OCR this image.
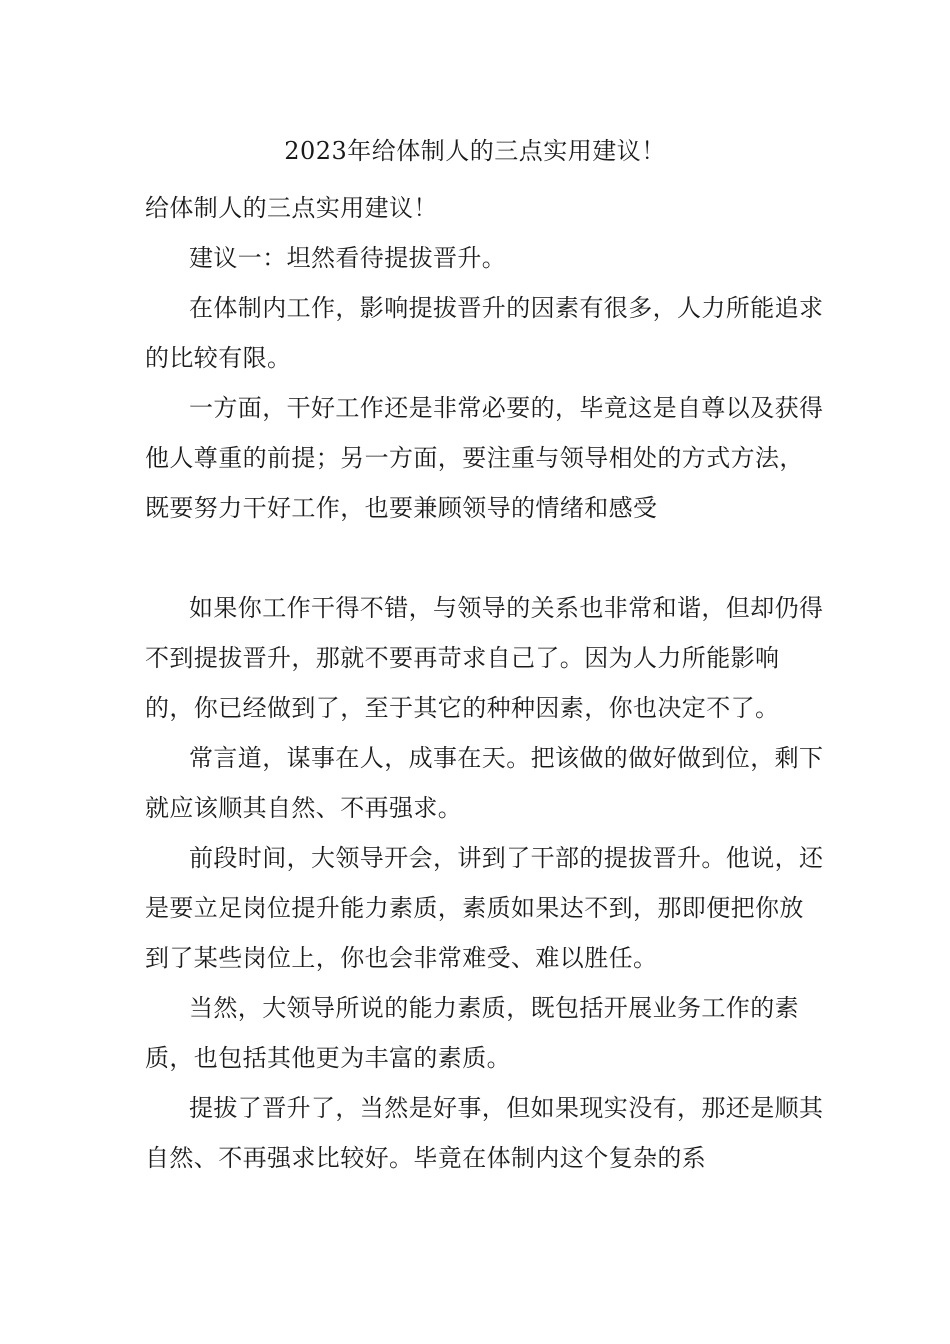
2023年给体制人的三点实用建议！

给体制人的三点实用建议！

建议一：坦然看待提拔晋升。

在体制内工作，影响提拔晋升的因素有很多，人力所能追求的比较有限。

一方面，干好工作还是非常必要的，毕竟这是自尊以及获得他人尊重的前提；另一方面，要注重与领导相处的方式方法，既要努力干好工作，也要兼顾领导的情绪和感受

如果你工作干得不错，与领导的关系也非常和谐，但却仍得不到提拔晋升，那就不要再苛求自己了。因为人力所能影响的，你已经做到了，至于其它的种种因素，你也决定不了。

常言道，谋事在人，成事在天。把该做的做好做到位，剩下就应该顺其自然、不再强求。

前段时间，大领导开会，讲到了干部的提拔晋升。他说，还是要立足岗位提升能力素质，素质如果达不到，那即便把你放到了某些岗位上，你也会非常难受、难以胜任。

当然，大领导所说的能力素质，既包括开展业务工作的素质，也包括其他更为丰富的素质。

提拔了晋升了，当然是好事，但如果现实没有，那还是顺其自然、不再强求比较好。毕竟在体制内这个复杂的系
